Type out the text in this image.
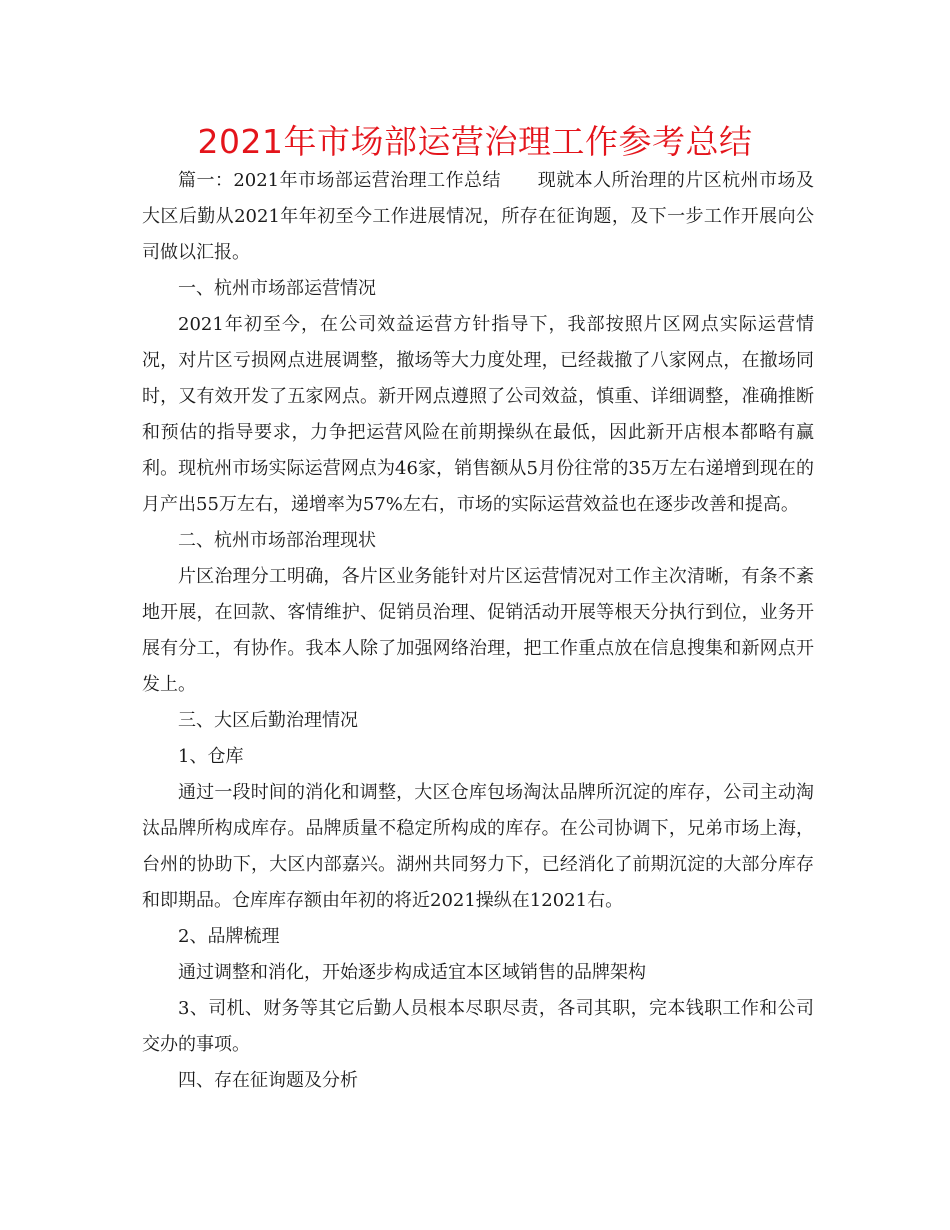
2021年市场部运营治理工作参考总结

篇一：2021年市场部运营治理工作总结　　现就本人所治理的片区杭州市场及大区后勤从2021年年初至今工作进展情况，所存在征询题，及下一步工作开展向公司做以汇报。

一、杭州市场部运营情况

2021年初至今，在公司效益运营方针指导下，我部按照片区网点实际运营情况，对片区亏损网点进展调整，撤场等大力度处理，已经裁撤了八家网点，在撤场同时，又有效开发了五家网点。新开网点遵照了公司效益，慎重、详细调整，准确推断和预估的指导要求，力争把运营风险在前期操纵在最低，因此新开店根本都略有赢利。现杭州市场实际运营网点为46家，销售额从5月份往常的35万左右递增到现在的月产出55万左右，递增率为57%左右，市场的实际运营效益也在逐步改善和提高。

二、杭州市场部治理现状

片区治理分工明确，各片区业务能针对片区运营情况对工作主次清晰，有条不紊地开展，在回款、客情维护、促销员治理、促销活动开展等根天分执行到位，业务开展有分工，有协作。我本人除了加强网络治理，把工作重点放在信息搜集和新网点开发上。

三、大区后勤治理情况

1、仓库

通过一段时间的消化和调整，大区仓库包场淘汰品牌所沉淀的库存，公司主动淘汰品牌所构成库存。品牌质量不稳定所构成的库存。在公司协调下，兄弟市场上海，台州的协助下，大区内部嘉兴。湖州共同努力下，已经消化了前期沉淀的大部分库存和即期品。仓库库存额由年初的将近2021操纵在12021右。

2、品牌梳理

通过调整和消化，开始逐步构成适宜本区域销售的品牌架构

3、司机、财务等其它后勤人员根本尽职尽责，各司其职，完本钱职工作和公司交办的事项。

四、存在征询题及分析
